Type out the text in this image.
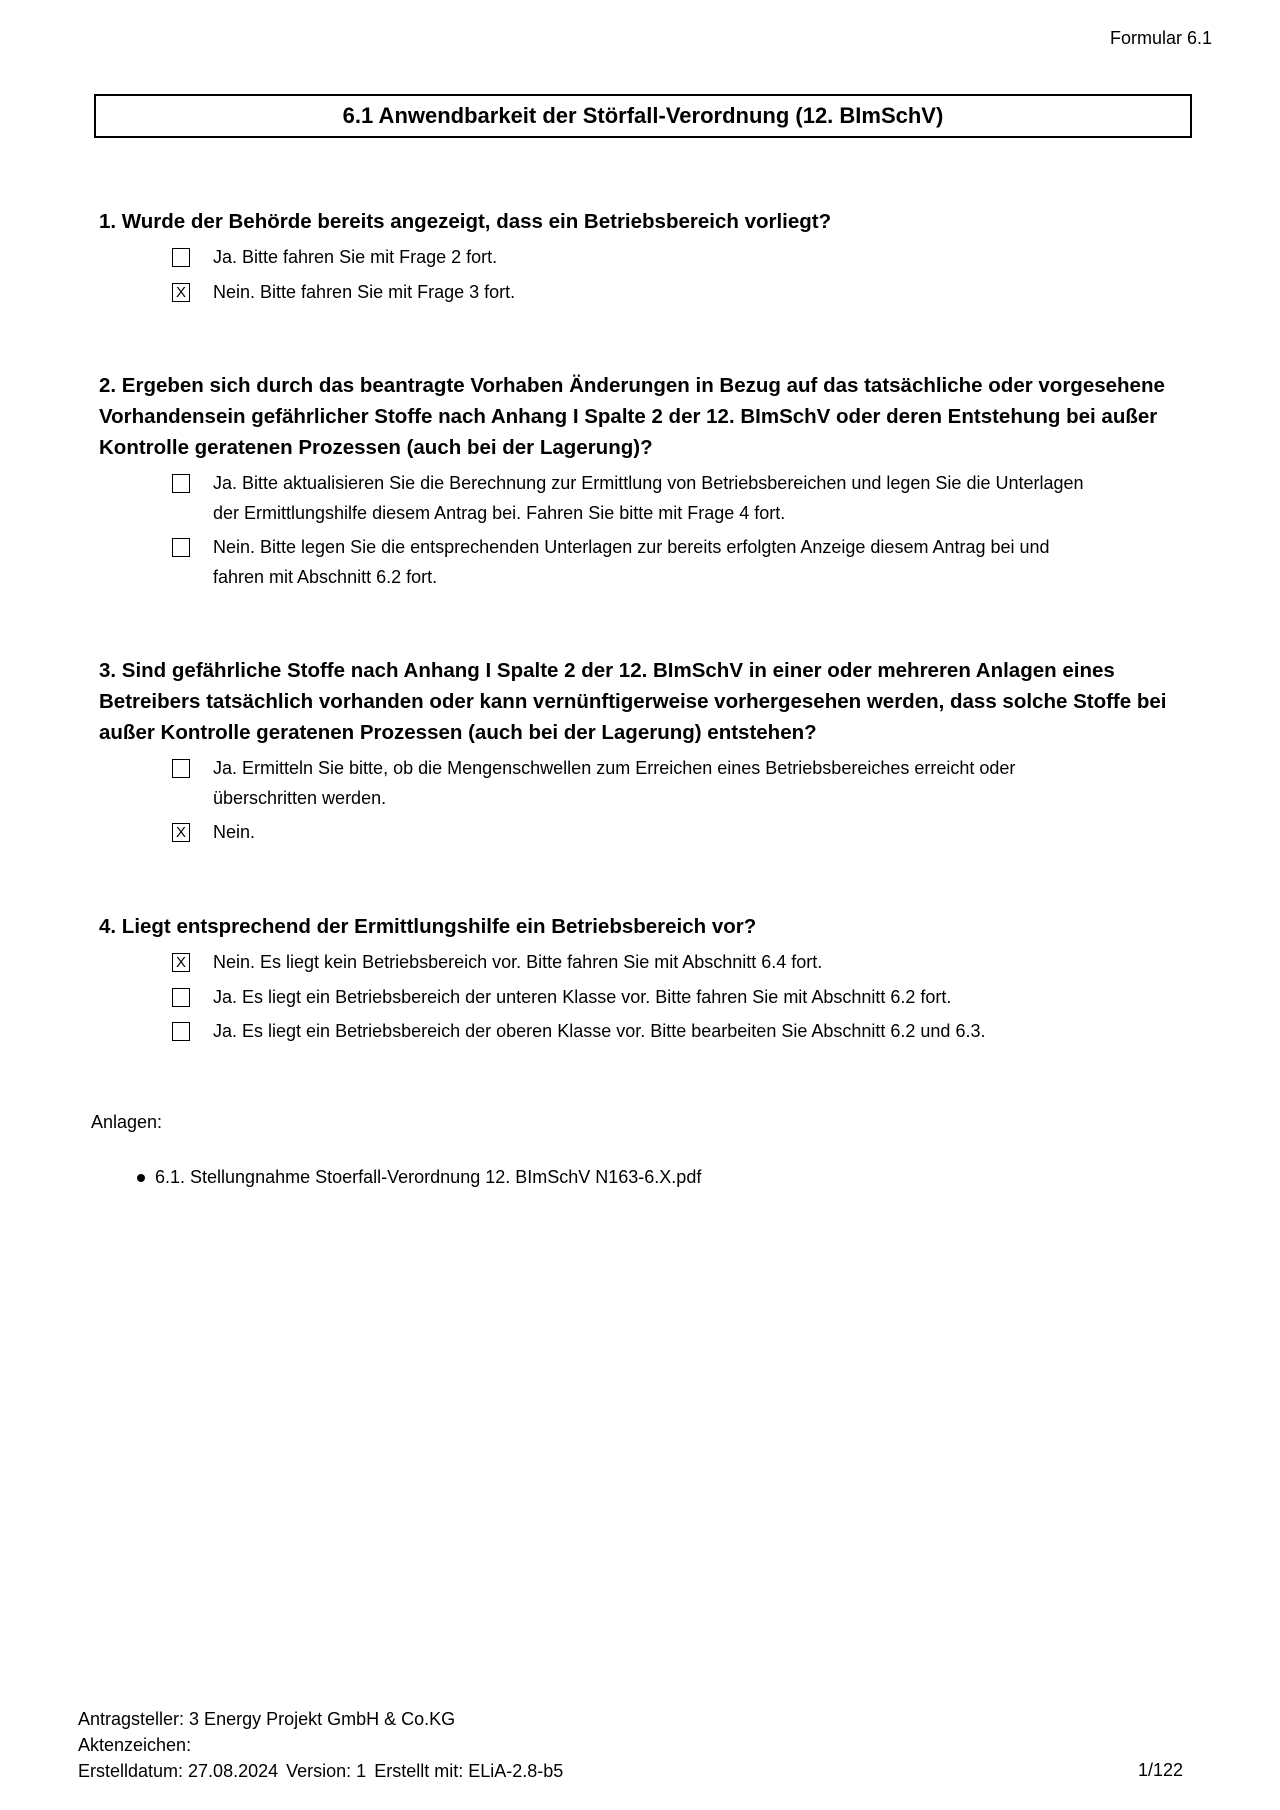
Formular 6.1
6.1 Anwendbarkeit der Störfall-Verordnung (12. BImSchV)
1. Wurde der Behörde bereits angezeigt, dass ein Betriebsbereich vorliegt?
Ja. Bitte fahren Sie mit Frage 2 fort.
X Nein. Bitte fahren Sie mit Frage 3 fort.
2. Ergeben sich durch das beantragte Vorhaben Änderungen in Bezug auf das tatsächliche oder vorgesehene Vorhandensein gefährlicher Stoffe nach Anhang I Spalte 2 der 12. BImSchV oder deren Entstehung bei außer Kontrolle geratenen Prozessen (auch bei der Lagerung)?
Ja. Bitte aktualisieren Sie die Berechnung zur Ermittlung von Betriebsbereichen und legen Sie die Unterlagen der Ermittlungshilfe diesem Antrag bei. Fahren Sie bitte mit Frage 4 fort.
Nein. Bitte legen Sie die entsprechenden Unterlagen zur bereits erfolgten Anzeige diesem Antrag bei und fahren mit Abschnitt 6.2 fort.
3. Sind gefährliche Stoffe nach Anhang I Spalte 2 der 12. BImSchV in einer oder mehreren Anlagen eines Betreibers tatsächlich vorhanden oder kann vernünftigerweise vorhergesehen werden, dass solche Stoffe bei außer Kontrolle geratenen Prozessen (auch bei der Lagerung) entstehen?
Ja. Ermitteln Sie bitte, ob die Mengenschwellen zum Erreichen eines Betriebsbereiches erreicht oder überschritten werden.
X Nein.
4. Liegt entsprechend der Ermittlungshilfe ein Betriebsbereich vor?
X Nein. Es liegt kein Betriebsbereich vor. Bitte fahren Sie mit Abschnitt 6.4 fort.
Ja. Es liegt ein Betriebsbereich der unteren Klasse vor. Bitte fahren Sie mit Abschnitt 6.2 fort.
Ja. Es liegt ein Betriebsbereich der oberen Klasse vor. Bitte bearbeiten Sie Abschnitt 6.2 und 6.3.
Anlagen:
6.1. Stellungnahme Stoerfall-Verordnung 12. BImSchV N163-6.X.pdf
Antragsteller: 3 Energy Projekt GmbH & Co.KG
Aktenzeichen:
Erstelldatum: 27.08.2024 Version: 1 Erstellt mit: ELiA-2.8-b5	1/122
